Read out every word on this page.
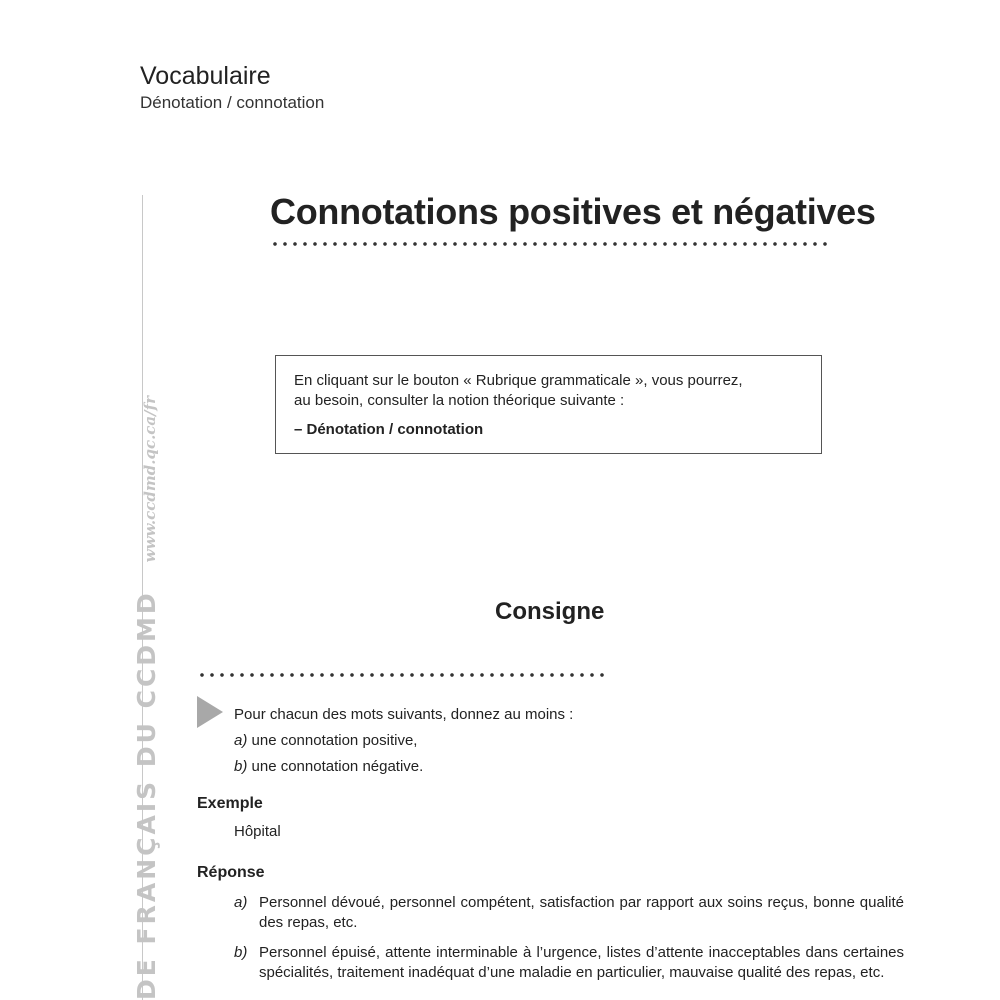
Vocabulaire
Dénotation / connotation
DE FRANÇAIS DU CCDMD
www.ccdmd.qc.ca/fr
Connotations positives et négatives
En cliquant sur le bouton « Rubrique grammaticale », vous pourrez,
au besoin, consulter la notion théorique suivante :
– Dénotation / connotation
Consigne
Pour chacun des mots suivants, donnez au moins :
a) une connotation positive,
b) une connotation négative.
Exemple
Hôpital
Réponse
a) Personnel dévoué, personnel compétent, satisfaction par rapport aux soins reçus, bonne qualité des repas, etc.
b) Personnel épuisé, attente interminable à l’urgence, listes d’attente inacceptables dans certaines spécialités, traitement inadéquat d’une maladie en particulier, mauvaise qualité des repas, etc.
